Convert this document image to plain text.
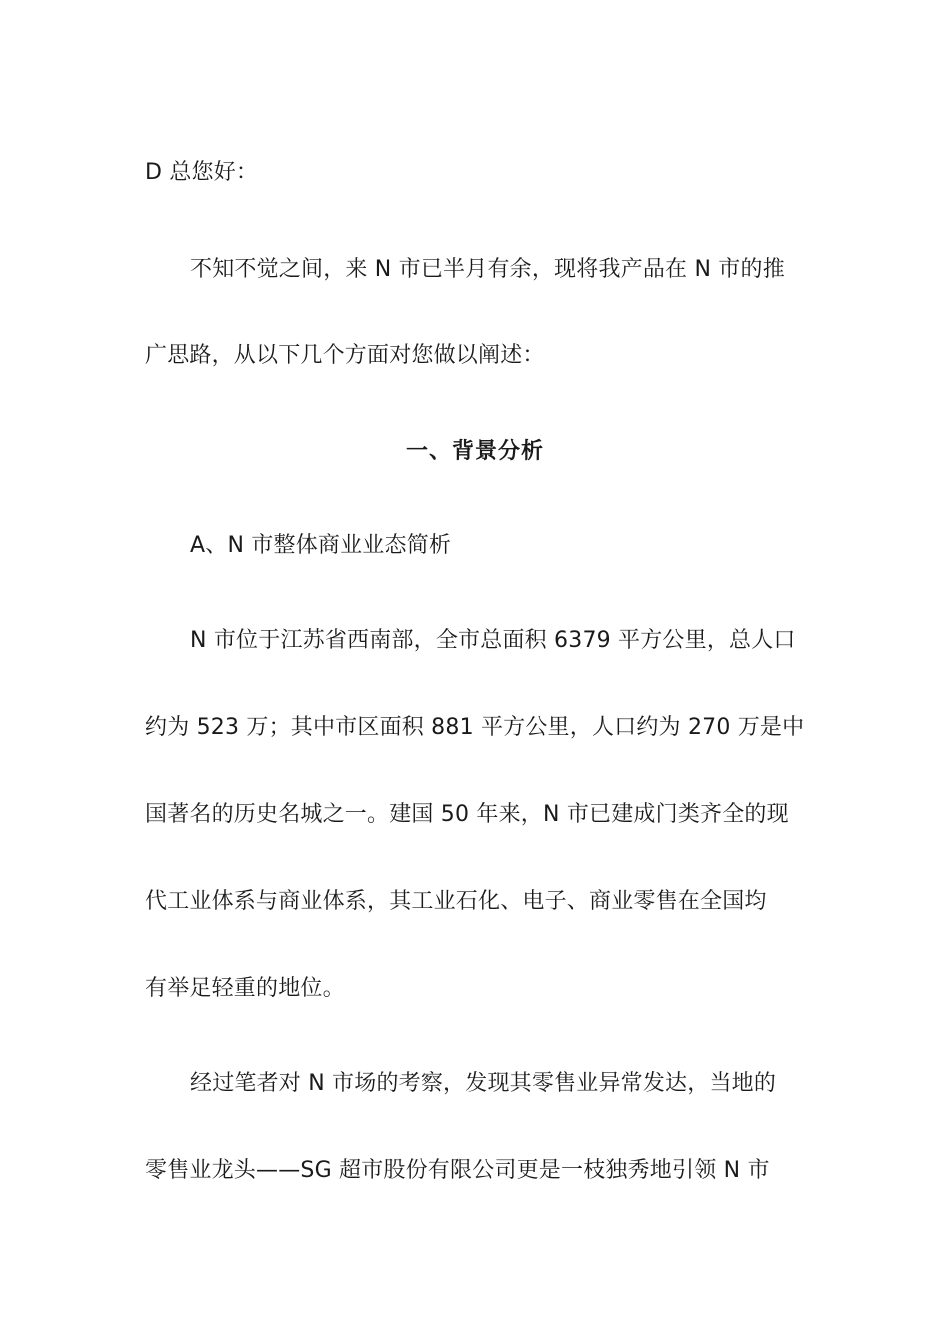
D 总您好：
不知不觉之间，来 N 市已半月有余，现将我产品在 N 市的推
广思路，从以下几个方面对您做以阐述：
一、背景分析
A、N 市整体商业业态简析
N 市位于江苏省西南部，全市总面积 6379 平方公里，总人口
约为 523 万；其中市区面积 881 平方公里，人口约为 270 万是中
国著名的历史名城之一。建国 50 年来，N 市已建成门类齐全的现
代工业体系与商业体系，其工业石化、电子、商业零售在全国均
有举足轻重的地位。
经过笔者对 N 市场的考察，发现其零售业异常发达，当地的
零售业龙头——SG 超市股份有限公司更是一枝独秀地引领 N 市
